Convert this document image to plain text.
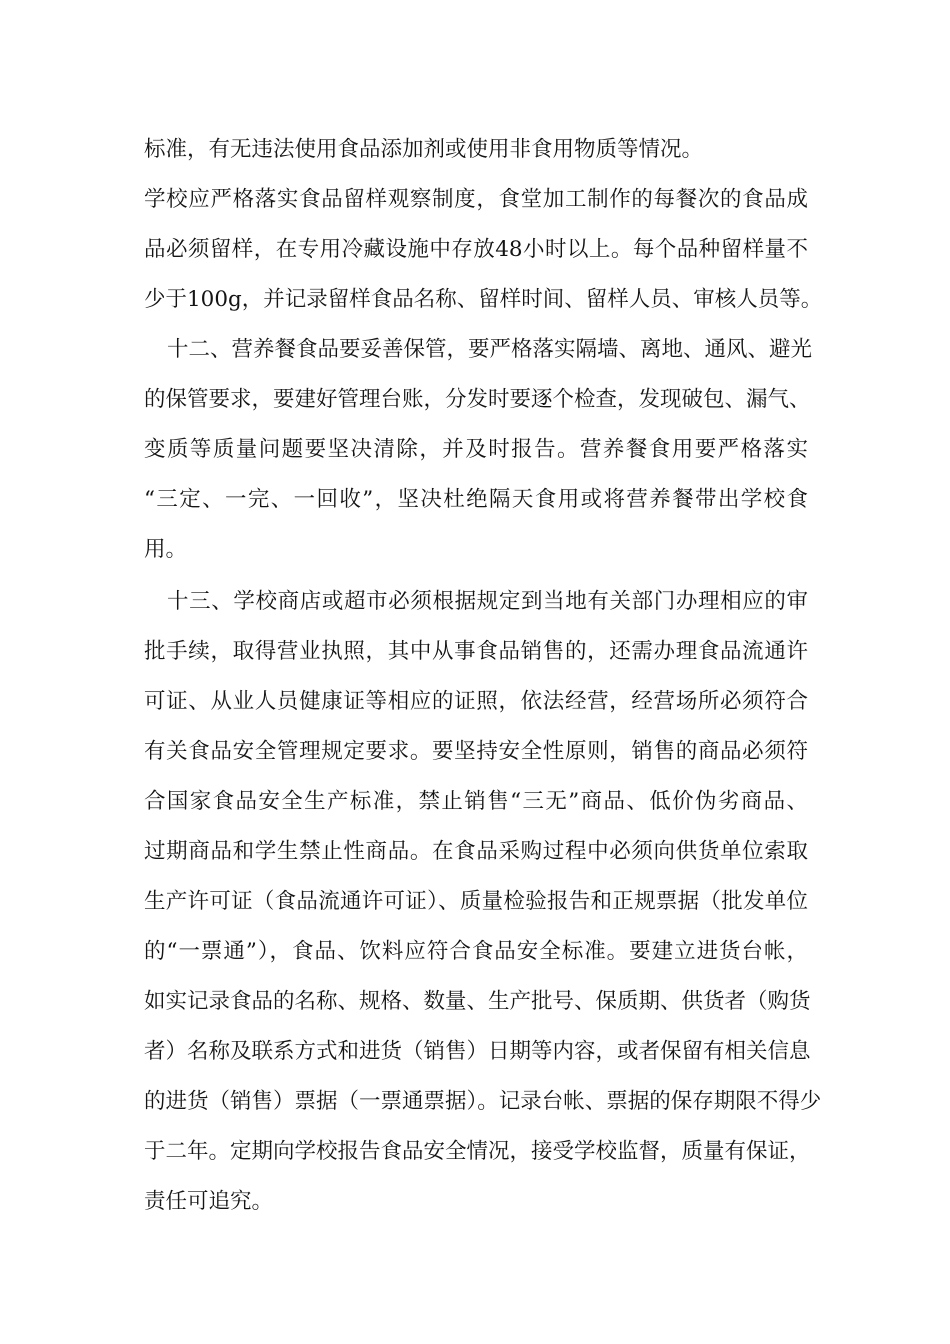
标准，有无违法使用食品添加剂或使用非食用物质等情况。
学校应严格落实食品留样观察制度，食堂加工制作的每餐次的食品成
品必须留样，在专用冷藏设施中存放48小时以上。每个品种留样量不
少于100g，并记录留样食品名称、留样时间、留样人员、审核人员等。
十二、营养餐食品要妥善保管，要严格落实隔墙、离地、通风、避光
的保管要求，要建好管理台账，分发时要逐个检查，发现破包、漏气、
变质等质量问题要坚决清除，并及时报告。营养餐食用要严格落实
“三定、一完、一回收”，坚决杜绝隔天食用或将营养餐带出学校食
用。
十三、学校商店或超市必须根据规定到当地有关部门办理相应的审
批手续，取得营业执照，其中从事食品销售的，还需办理食品流通许
可证、从业人员健康证等相应的证照，依法经营，经营场所必须符合
有关食品安全管理规定要求。要坚持安全性原则，销售的商品必须符
合国家食品安全生产标准，禁止销售“三无”商品、低价伪劣商品、
过期商品和学生禁止性商品。在食品采购过程中必须向供货单位索取
生产许可证（食品流通许可证）、质量检验报告和正规票据（批发单位
的“一票通”），食品、饮料应符合食品安全标准。要建立进货台帐，
如实记录食品的名称、规格、数量、生产批号、保质期、供货者（购货
者）名称及联系方式和进货（销售）日期等内容，或者保留有相关信息
的进货（销售）票据（一票通票据）。记录台帐、票据的保存期限不得少
于二年。定期向学校报告食品安全情况，接受学校监督，质量有保证，
责任可追究。
